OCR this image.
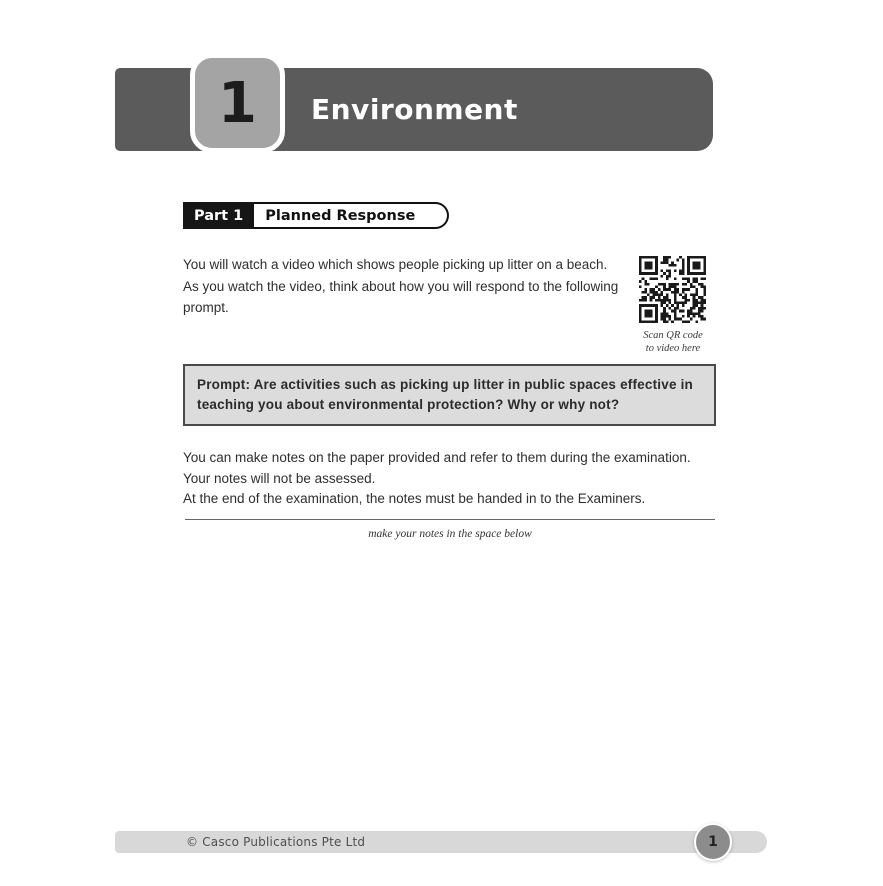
Environment
1
Part 1	Planned Response
You will watch a video which shows people picking up litter on a beach.
As you watch the video, think about how you will respond to the following
prompt.
Scan QR code
to video here
Prompt: Are activities such as picking up litter in public spaces effective in teaching you about environmental protection? Why or why not?
You can make notes on the paper provided and refer to them during the examination.
Your notes will not be assessed.
At the end of the examination, the notes must be handed in to the Examiners.
make your notes in the space below
© Casco Publications Pte Ltd	1
